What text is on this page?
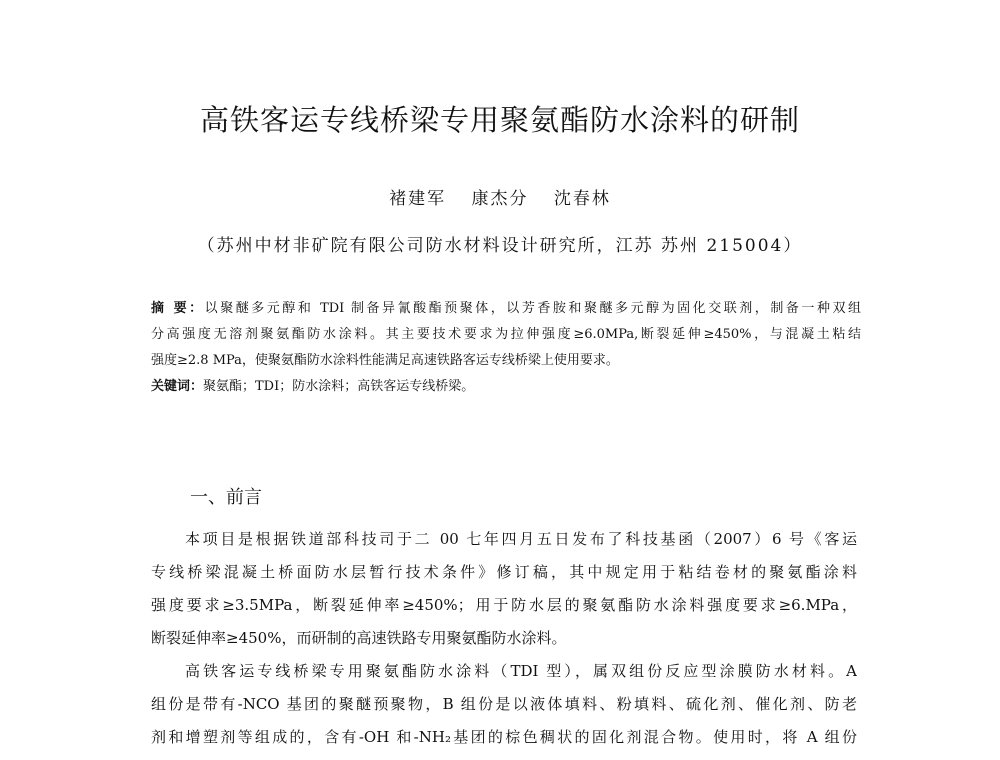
高铁客运专线桥梁专用聚氨酯防水涂料的研制
褚建军 康杰分 沈春林
（苏州中材非矿院有限公司防水材料设计研究所，江苏 苏州 215004）
摘 要：以聚醚多元醇和 TDI 制备异氰酸酯预聚体，以芳香胺和聚醚多元醇为固化交联剂，制备一种双组
分高强度无溶剂聚氨酯防水涂料。其主要技术要求为拉伸强度≥6.0MPa,断裂延伸≥450%，与混凝土粘结
强度≥2.8 MPa，使聚氨酯防水涂料性能满足高速铁路客运专线桥梁上使用要求。
关键词：聚氨酯；TDI；防水涂料；高铁客运专线桥梁。
一、前言
本项目是根据铁道部科技司于二 00 七年四月五日发布了科技基函（2007）6 号《客运
专线桥梁混凝土桥面防水层暂行技术条件》修订稿，其中规定用于粘结卷材的聚氨酯涂料
强度要求≥3.5MPa，断裂延伸率≥450%；用于防水层的聚氨酯防水涂料强度要求≥6.MPa，
断裂延伸率≥450%，而研制的高速铁路专用聚氨酯防水涂料。
高铁客运专线桥梁专用聚氨酯防水涂料（TDI 型），属双组份反应型涂膜防水材料。A
组份是带有-NCO 基团的聚醚预聚物，B 组份是以液体填料、粉填料、硫化剂、催化剂、防老
剂和增塑剂等组成的，含有-OH 和-NH₂基团的棕色稠状的固化剂混合物。使用时，将 A 组份
